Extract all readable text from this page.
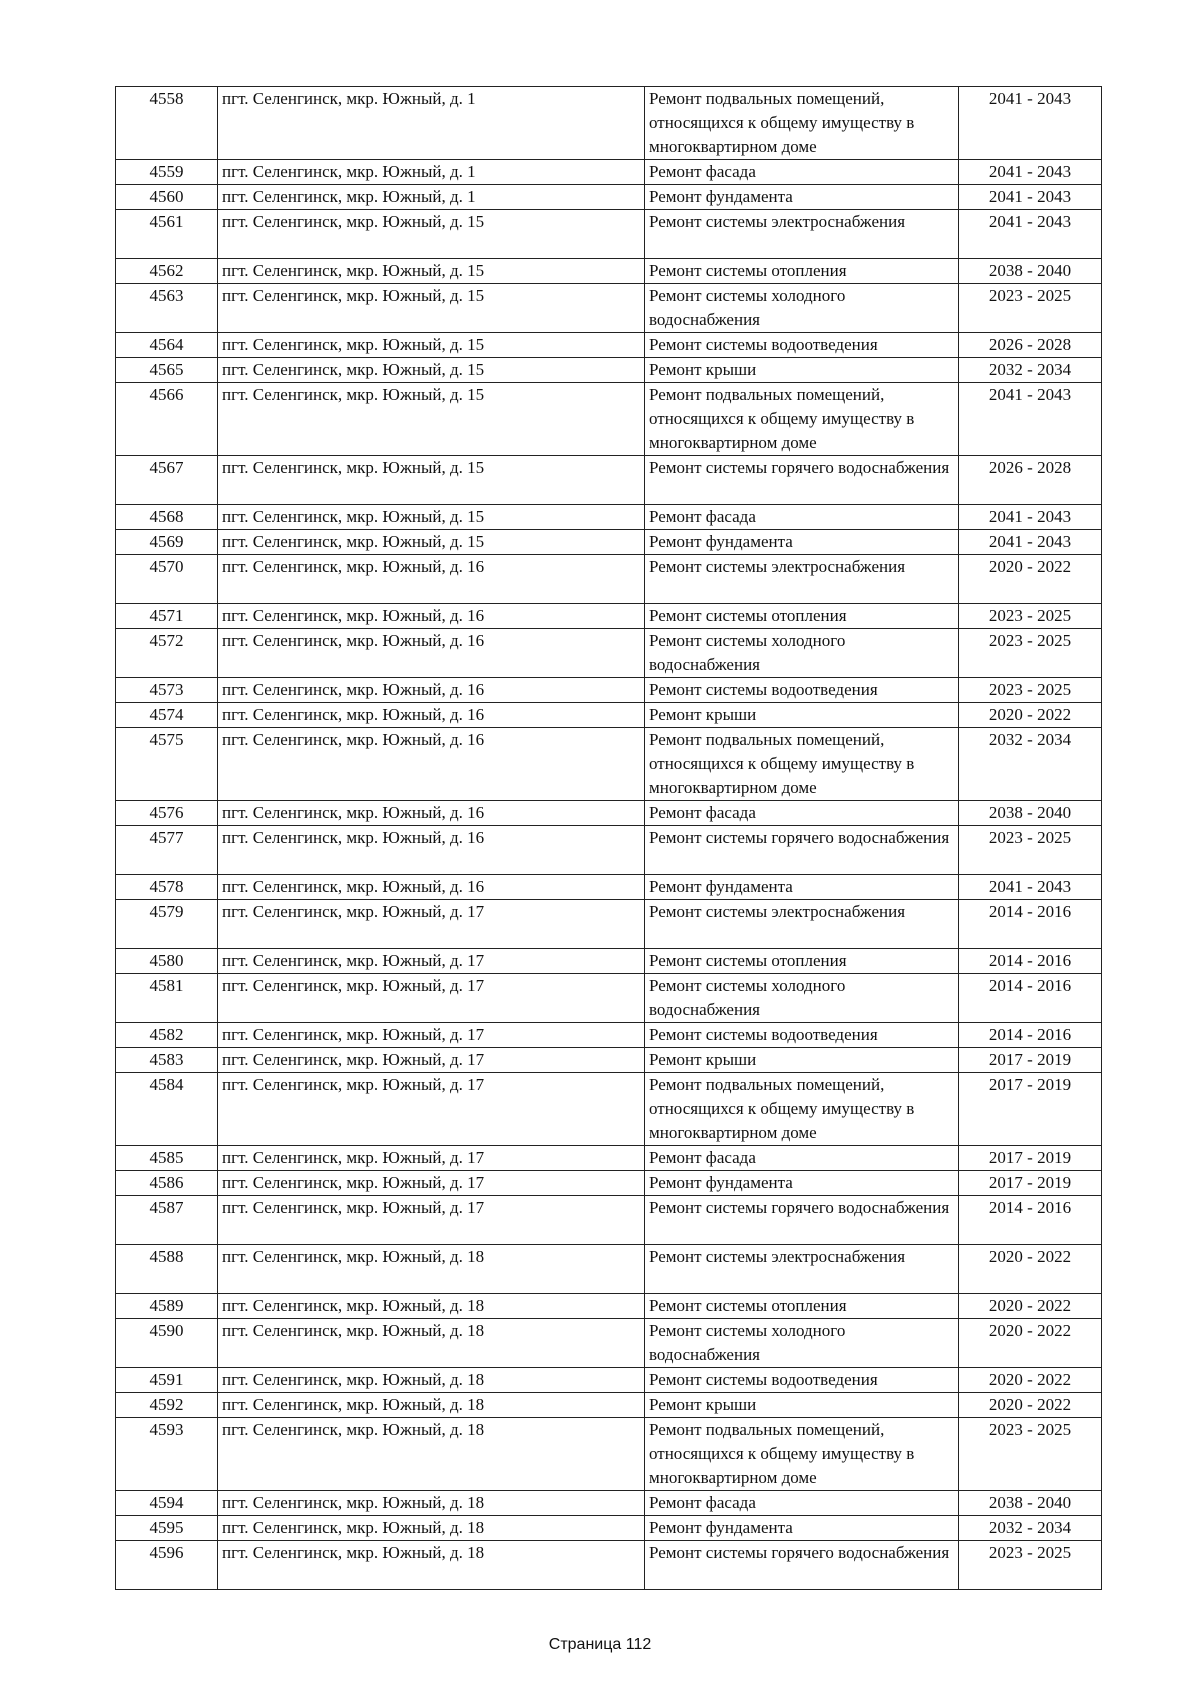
4558	пгт. Селенгинск, мкр. Южный, д. 1	Ремонт подвальных помещений, относящихся к общему имуществу в многоквартирном доме	2041 - 2043
4559	пгт. Селенгинск, мкр. Южный, д. 1	Ремонт фасада	2041 - 2043
4560	пгт. Селенгинск, мкр. Южный, д. 1	Ремонт фундамента	2041 - 2043
4561	пгт. Селенгинск, мкр. Южный, д. 15	Ремонт системы электроснабжения	2041 - 2043
4562	пгт. Селенгинск, мкр. Южный, д. 15	Ремонт системы отопления	2038 - 2040
4563	пгт. Селенгинск, мкр. Южный, д. 15	Ремонт системы холодного водоснабжения	2023 - 2025
4564	пгт. Селенгинск, мкр. Южный, д. 15	Ремонт системы водоотведения	2026 - 2028
4565	пгт. Селенгинск, мкр. Южный, д. 15	Ремонт крыши	2032 - 2034
4566	пгт. Селенгинск, мкр. Южный, д. 15	Ремонт подвальных помещений, относящихся к общему имуществу в многоквартирном доме	2041 - 2043
4567	пгт. Селенгинск, мкр. Южный, д. 15	Ремонт системы горячего водоснабжения	2026 - 2028
4568	пгт. Селенгинск, мкр. Южный, д. 15	Ремонт фасада	2041 - 2043
4569	пгт. Селенгинск, мкр. Южный, д. 15	Ремонт фундамента	2041 - 2043
4570	пгт. Селенгинск, мкр. Южный, д. 16	Ремонт системы электроснабжения	2020 - 2022
4571	пгт. Селенгинск, мкр. Южный, д. 16	Ремонт системы отопления	2023 - 2025
4572	пгт. Селенгинск, мкр. Южный, д. 16	Ремонт системы холодного водоснабжения	2023 - 2025
4573	пгт. Селенгинск, мкр. Южный, д. 16	Ремонт системы водоотведения	2023 - 2025
4574	пгт. Селенгинск, мкр. Южный, д. 16	Ремонт крыши	2020 - 2022
4575	пгт. Селенгинск, мкр. Южный, д. 16	Ремонт подвальных помещений, относящихся к общему имуществу в многоквартирном доме	2032 - 2034
4576	пгт. Селенгинск, мкр. Южный, д. 16	Ремонт фасада	2038 - 2040
4577	пгт. Селенгинск, мкр. Южный, д. 16	Ремонт системы горячего водоснабжения	2023 - 2025
4578	пгт. Селенгинск, мкр. Южный, д. 16	Ремонт фундамента	2041 - 2043
4579	пгт. Селенгинск, мкр. Южный, д. 17	Ремонт системы электроснабжения	2014 - 2016
4580	пгт. Селенгинск, мкр. Южный, д. 17	Ремонт системы отопления	2014 - 2016
4581	пгт. Селенгинск, мкр. Южный, д. 17	Ремонт системы холодного водоснабжения	2014 - 2016
4582	пгт. Селенгинск, мкр. Южный, д. 17	Ремонт системы водоотведения	2014 - 2016
4583	пгт. Селенгинск, мкр. Южный, д. 17	Ремонт крыши	2017 - 2019
4584	пгт. Селенгинск, мкр. Южный, д. 17	Ремонт подвальных помещений, относящихся к общему имуществу в многоквартирном доме	2017 - 2019
4585	пгт. Селенгинск, мкр. Южный, д. 17	Ремонт фасада	2017 - 2019
4586	пгт. Селенгинск, мкр. Южный, д. 17	Ремонт фундамента	2017 - 2019
4587	пгт. Селенгинск, мкр. Южный, д. 17	Ремонт системы горячего водоснабжения	2014 - 2016
4588	пгт. Селенгинск, мкр. Южный, д. 18	Ремонт системы электроснабжения	2020 - 2022
4589	пгт. Селенгинск, мкр. Южный, д. 18	Ремонт системы отопления	2020 - 2022
4590	пгт. Селенгинск, мкр. Южный, д. 18	Ремонт системы холодного водоснабжения	2020 - 2022
4591	пгт. Селенгинск, мкр. Южный, д. 18	Ремонт системы водоотведения	2020 - 2022
4592	пгт. Селенгинск, мкр. Южный, д. 18	Ремонт крыши	2020 - 2022
4593	пгт. Селенгинск, мкр. Южный, д. 18	Ремонт подвальных помещений, относящихся к общему имуществу в многоквартирном доме	2023 - 2025
4594	пгт. Селенгинск, мкр. Южный, д. 18	Ремонт фасада	2038 - 2040
4595	пгт. Селенгинск, мкр. Южный, д. 18	Ремонт фундамента	2032 - 2034
4596	пгт. Селенгинск, мкр. Южный, д. 18	Ремонт системы горячего водоснабжения	2023 - 2025
Страница 112
